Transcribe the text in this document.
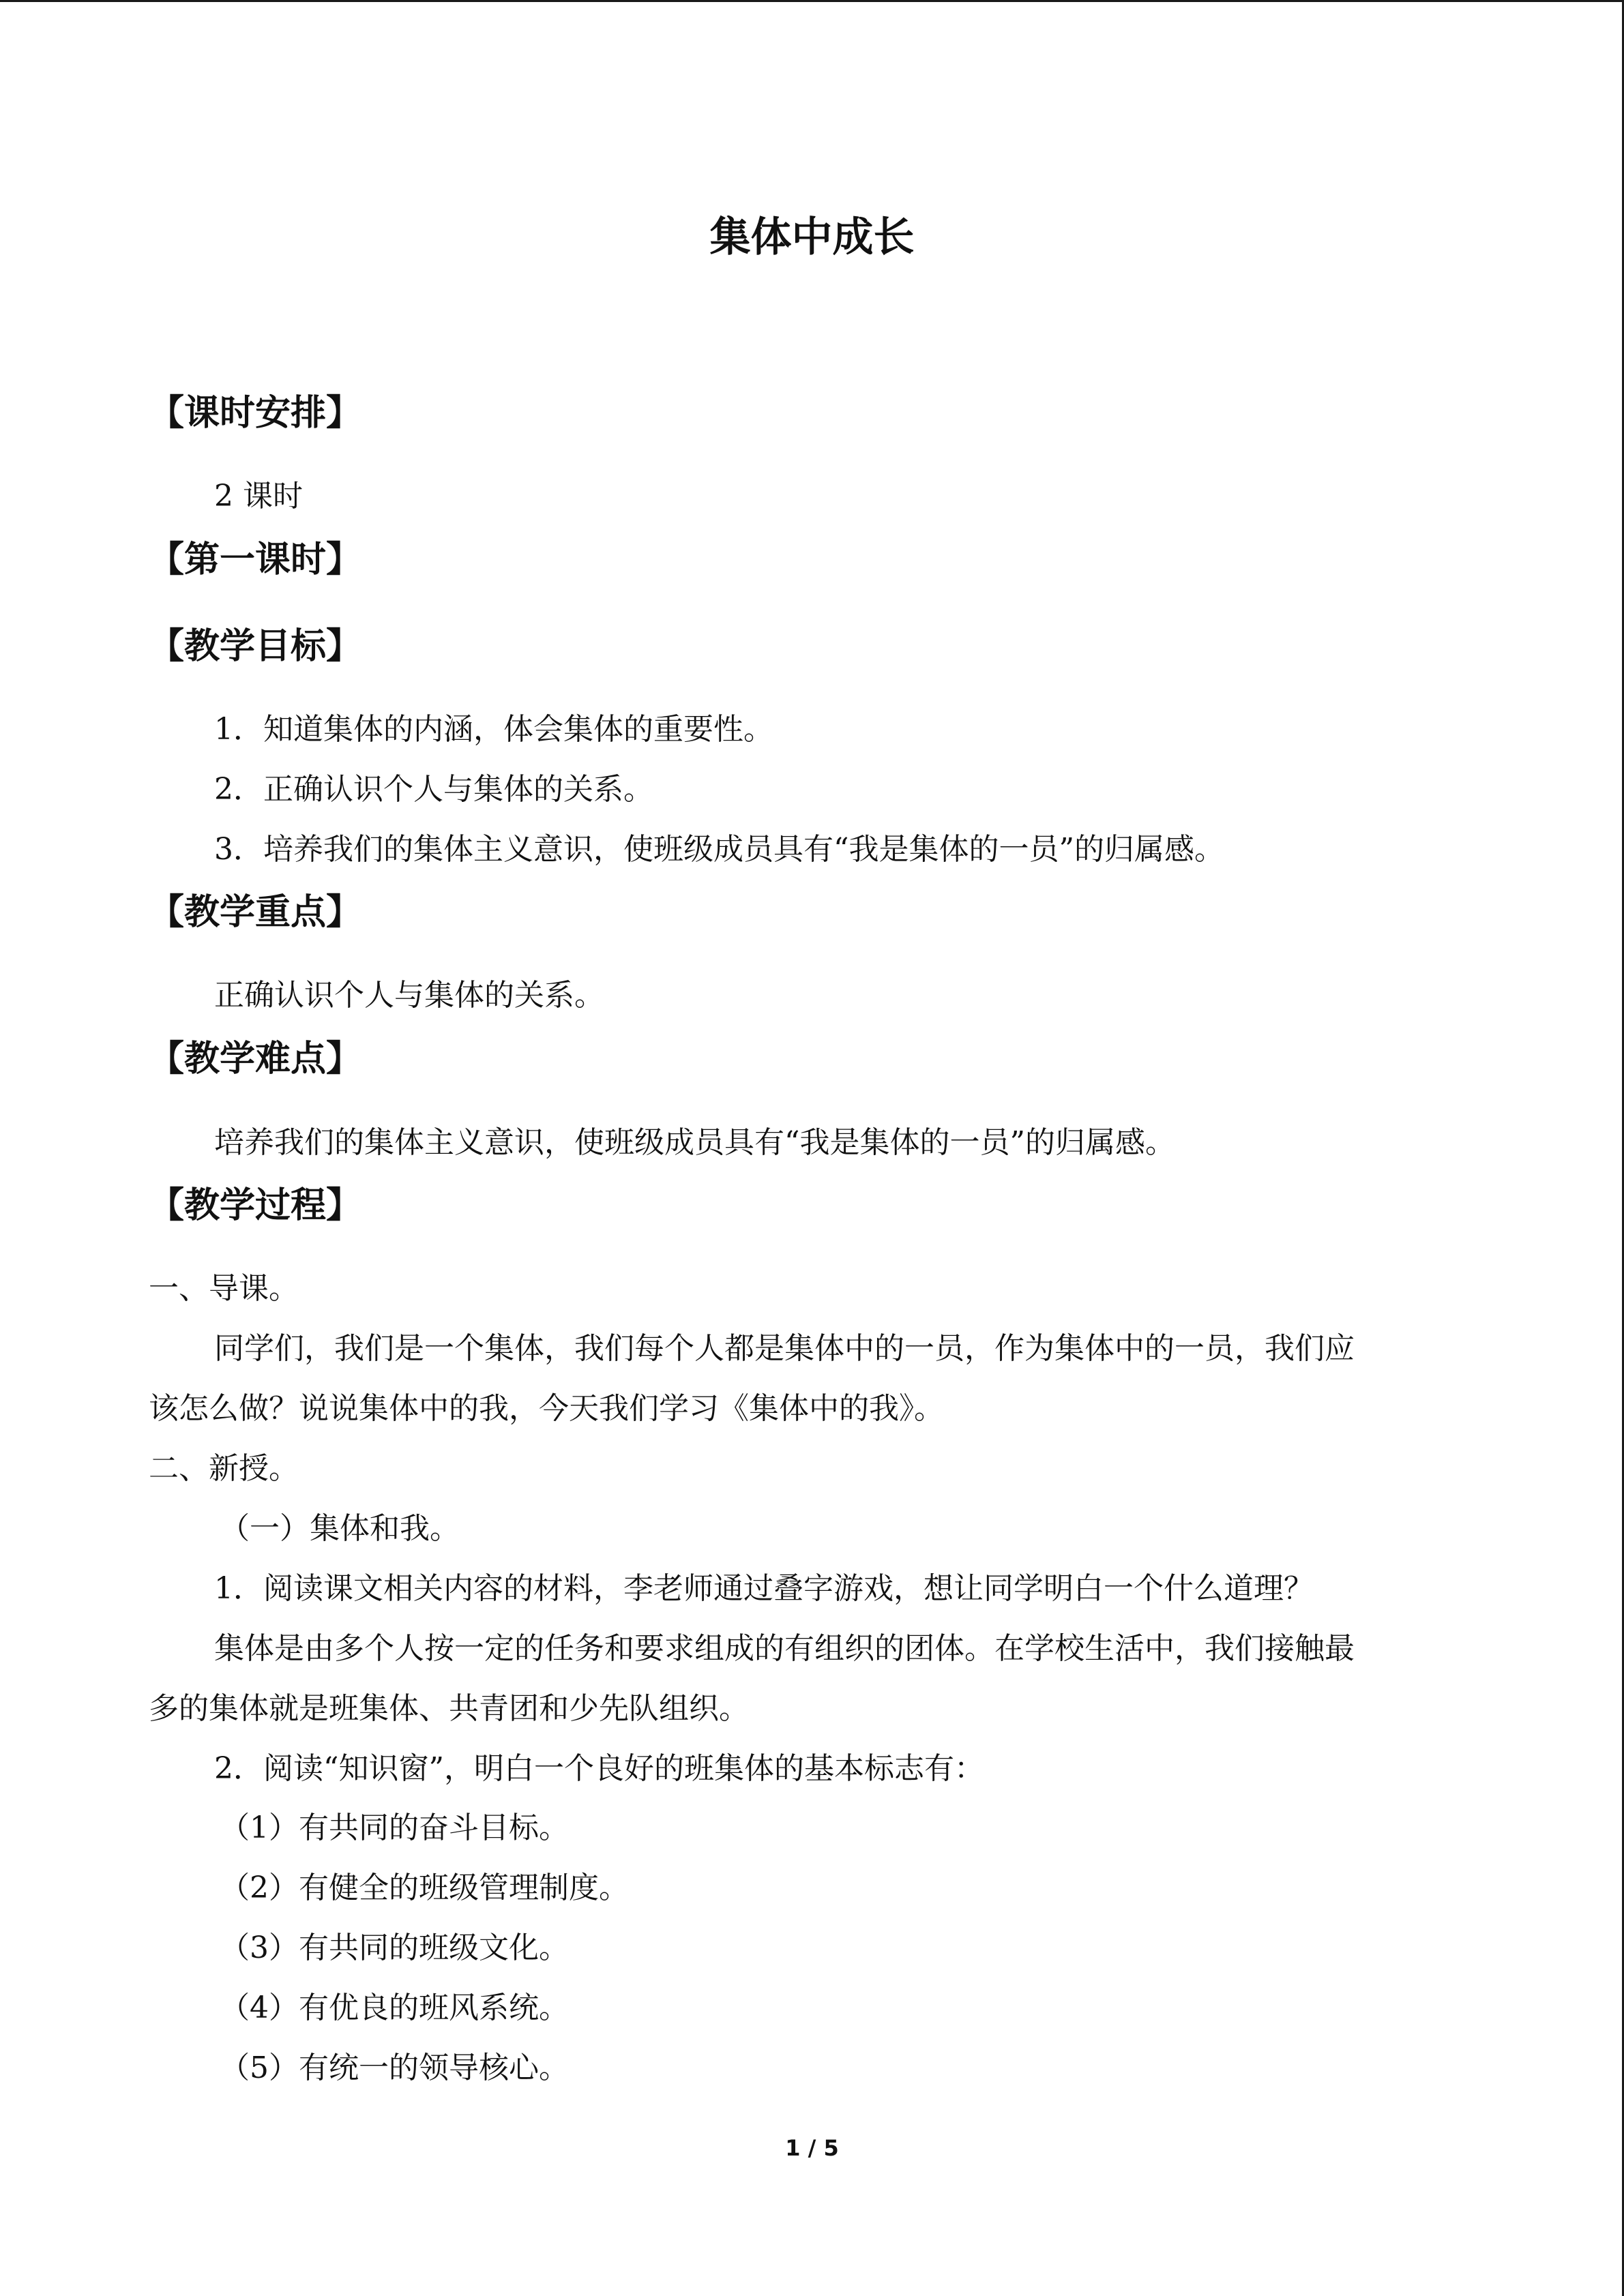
集体中成长
【课时安排】
2 课时
【第一课时】
【教学目标】
1．知道集体的内涵，体会集体的重要性。
2．正确认识个人与集体的关系。
3．培养我们的集体主义意识，使班级成员具有“我是集体的一员”的归属感。
【教学重点】
正确认识个人与集体的关系。
【教学难点】
培养我们的集体主义意识，使班级成员具有“我是集体的一员”的归属感。
【教学过程】
一、导课。
同学们，我们是一个集体，我们每个人都是集体中的一员，作为集体中的一员，我们应
该怎么做？说说集体中的我，今天我们学习《集体中的我》。
二、新授。
（一）集体和我。
1．阅读课文相关内容的材料，李老师通过叠字游戏，想让同学明白一个什么道理？
集体是由多个人按一定的任务和要求组成的有组织的团体。在学校生活中，我们接触最
多的集体就是班集体、共青团和少先队组织。
2．阅读“知识窗”，明白一个良好的班集体的基本标志有：
（1）有共同的奋斗目标。
（2）有健全的班级管理制度。
（3）有共同的班级文化。
（4）有优良的班风系统。
（5）有统一的领导核心。
1 / 5
